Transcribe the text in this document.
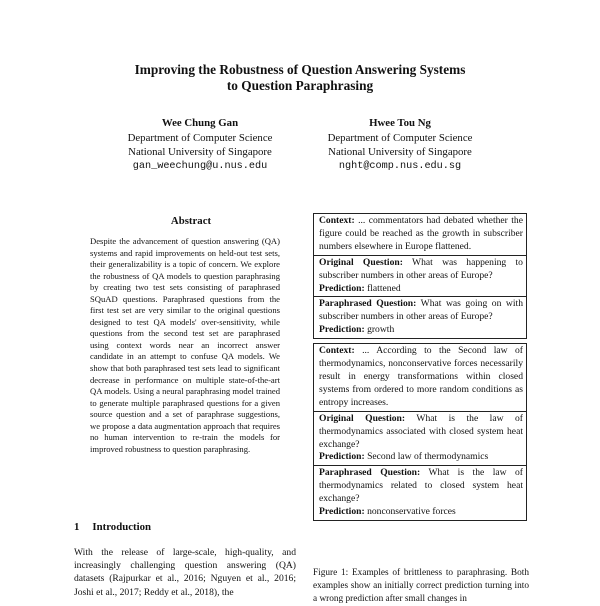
Improving the Robustness of Question Answering Systems
to Question Paraphrasing
Wee Chung Gan
Department of Computer Science
National University of Singapore
gan_weechung@u.nus.edu
Hwee Tou Ng
Department of Computer Science
National University of Singapore
nght@comp.nus.edu.sg
Abstract
Despite the advancement of question answering (QA) systems and rapid improvements on held-out test sets, their generalizability is a topic of concern. We explore the robustness of QA models to question paraphrasing by creating two test sets consisting of paraphrased SQuAD questions. Paraphrased questions from the first test set are very similar to the original questions designed to test QA models' over-sensitivity, while questions from the second test set are paraphrased using context words near an incorrect answer candidate in an attempt to confuse QA models. We show that both paraphrased test sets lead to significant decrease in performance on multiple state-of-the-art QA models. Using a neural paraphrasing model trained to generate multiple paraphrased questions for a given source question and a set of paraphrase suggestions, we propose a data augmentation approach that requires no human intervention to re-train the models for improved robustness to question paraphrasing.
1 Introduction
With the release of large-scale, high-quality, and increasingly challenging question answering (QA) datasets (Rajpurkar et al., 2016; Nguyen et al., 2016; Joshi et al., 2017; Reddy et al., 2018), the
Context: ... commentators had debated whether the figure could be reached as the growth in subscriber numbers elsewhere in Europe flattened.
Original Question: What was happening to subscriber numbers in other areas of Europe?
Prediction: flattened
Paraphrased Question: What was going on with subscriber numbers in other areas of Europe?
Prediction: growth
Context: ... According to the Second law of thermodynamics, nonconservative forces necessarily result in energy transformations within closed systems from ordered to more random conditions as entropy increases.
Original Question: What is the law of thermodynamics associated with closed system heat exchange?
Prediction: Second law of thermodynamics
Paraphrased Question: What is the law of thermodynamics related to closed system heat exchange?
Prediction: nonconservative forces
Figure 1: Examples of brittleness to paraphrasing. Both examples show an initially correct prediction turning into a wrong prediction after small changes in
